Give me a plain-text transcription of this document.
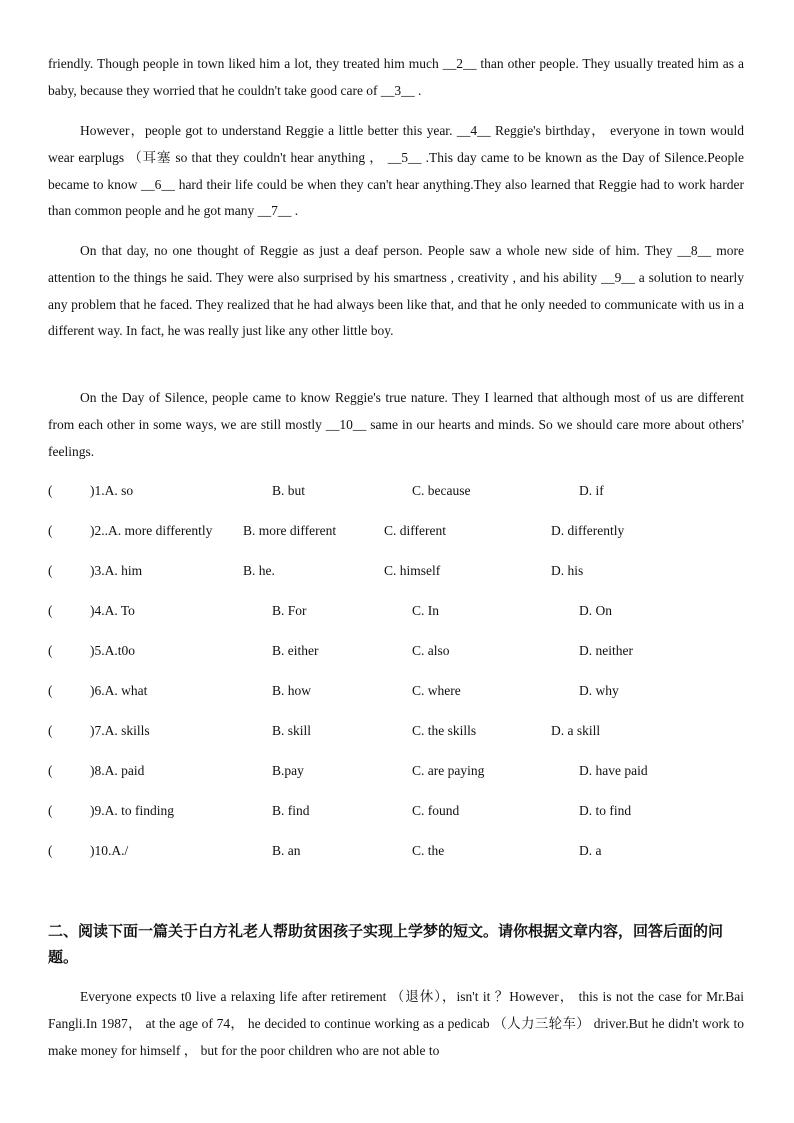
friendly. Though people in town liked him a lot, they treated him much __2__ than other people. They usually treated him as a baby, because they worried that he couldn't take good care of __3__ .

However，people got to understand Reggie a little better this year. __4__ Reggie's birthday， everyone in town would wear earplugs （耳塞 so that they couldn't hear anything ， __5__ .This day came to be known as the Day of Silence.People became to know __6__ hard their life could be when they can't hear anything.They also learned that Reggie had to work harder than common people and he got many __7__ .

On that day, no one thought of Reggie as just a deaf person. People saw a whole new side of him. They __8__ more attention to the things he said. They were also surprised by his smartness , creativity , and his ability __9__ a solution to nearly any problem that he faced. They realized that he had always been like that, and that he only needed to communicate with us in a different way. In fact, he was really just like any other little boy.

On the Day of Silence, people came to know Reggie's true nature. They I learned that although most of us are different from each other in some ways, we are still mostly __10__ same in our hearts and minds. So we should care more about others' feelings.

(	)1.A. so	B. but	C. because	D. if
(	)2..A. more differently B. more different	C. different	D. differently
(	)3.A. him	B. he.	C. himself	D. his
(	)4.A. To	B. For	C. In	D. On
(	)5.A.t0o	B. either	C. also	D. neither
(	)6.A. what	B. how	C. where	D. why
(	)7.A. skills	B. skill	C. the skills	D. a skill
(	)8.A. paid	B.pay	C. are paying	D. have paid
(	)9.A. to finding	B. find	C. found	D. to find
(	)10.A./	B. an	C. the	D. a

二、阅读下面一篇关于白方礼老人帮助贫困孩子实现上学梦的短文。请你根据文章内容，回答后面的问题。

Everyone expects t0 live a relaxing life after retirement （退休），isn't it ？However， this is not the case for Mr.Bai Fangli.In 1987， at the age of 74， he decided to continue working as a pedicab （人力三轮车） driver.But he didn't work to make money for himself ， but for the poor children who are not able to
